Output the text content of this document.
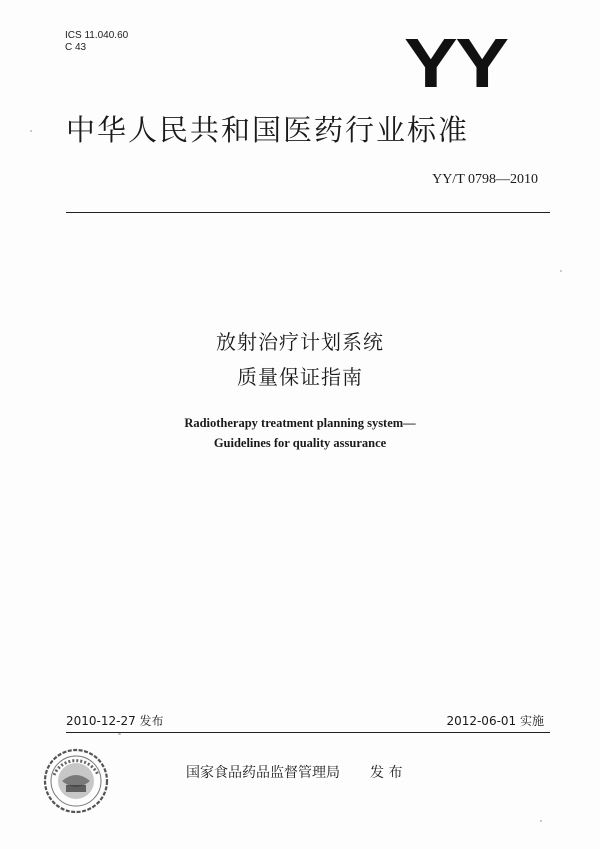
ICS 11.040.60
C 43	YY
中华人民共和国医药行业标准
YY/T 0798—2010
放射治疗计划系统
质量保证指南
Radiotherapy treatment planning system—
Guidelines for quality assurance
2010-12-27 发布	2012-06-01 实施
国家食品药品监督管理局 发 布
